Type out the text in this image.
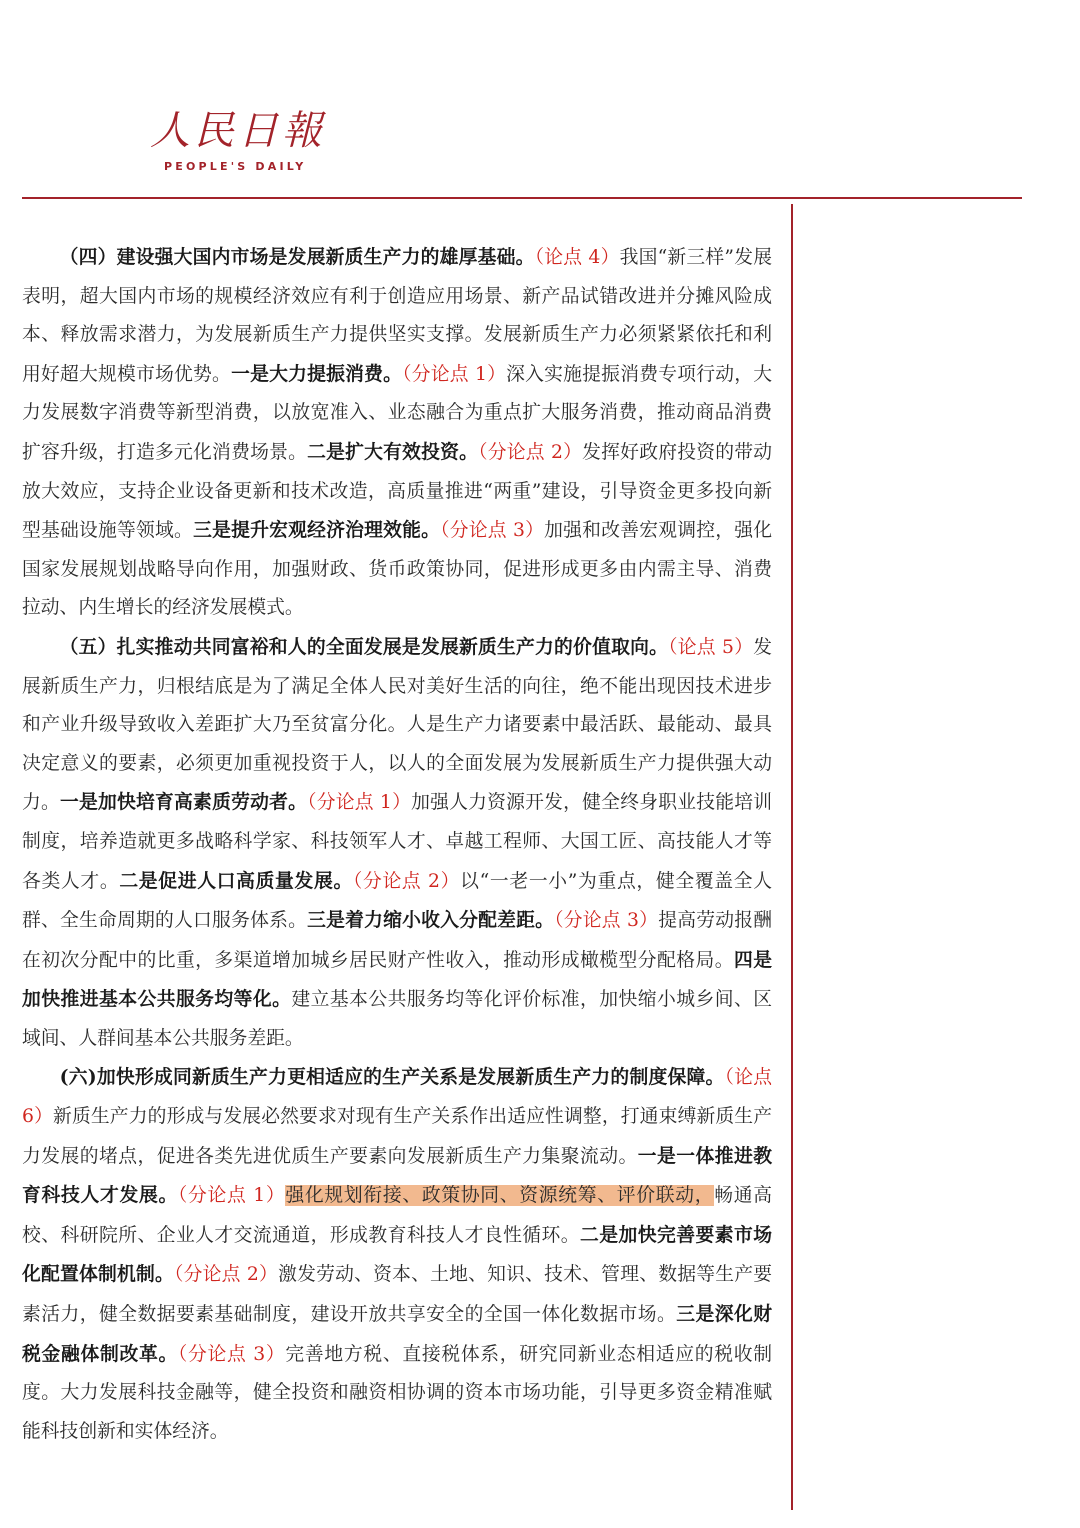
人民日報
PEOPLE'S DAILY

（四）建设强大国内市场是发展新质生产力的雄厚基础。（论点 4）我国“新三样”发展表明，超大国内市场的规模经济效应有利于创造应用场景、新产品试错改进并分摊风险成本、释放需求潜力，为发展新质生产力提供坚实支撑。发展新质生产力必须紧紧依托和利用好超大规模市场优势。一是大力提振消费。（分论点 1）深入实施提振消费专项行动，大力发展数字消费等新型消费，以放宽准入、业态融合为重点扩大服务消费，推动商品消费扩容升级，打造多元化消费场景。二是扩大有效投资。（分论点 2）发挥好政府投资的带动放大效应，支持企业设备更新和技术改造，高质量推进“两重”建设，引导资金更多投向新型基础设施等领域。三是提升宏观经济治理效能。（分论点 3）加强和改善宏观调控，强化国家发展规划战略导向作用，加强财政、货币政策协同，促进形成更多由内需主导、消费拉动、内生增长的经济发展模式。

（五）扎实推动共同富裕和人的全面发展是发展新质生产力的价值取向。（论点 5）发展新质生产力，归根结底是为了满足全体人民对美好生活的向往，绝不能出现因技术进步和产业升级导致收入差距扩大乃至贫富分化。人是生产力诸要素中最活跃、最能动、最具决定意义的要素，必须更加重视投资于人，以人的全面发展为发展新质生产力提供强大动力。一是加快培育高素质劳动者。（分论点 1）加强人力资源开发，健全终身职业技能培训制度，培养造就更多战略科学家、科技领军人才、卓越工程师、大国工匠、高技能人才等各类人才。二是促进人口高质量发展。（分论点 2）以“一老一小”为重点，健全覆盖全人群、全生命周期的人口服务体系。三是着力缩小收入分配差距。（分论点 3）提高劳动报酬在初次分配中的比重，多渠道增加城乡居民财产性收入，推动形成橄榄型分配格局。四是加快推进基本公共服务均等化。建立基本公共服务均等化评价标准，加快缩小城乡间、区域间、人群间基本公共服务差距。

(六)加快形成同新质生产力更相适应的生产关系是发展新质生产力的制度保障。（论点 6）新质生产力的形成与发展必然要求对现有生产关系作出适应性调整，打通束缚新质生产力发展的堵点，促进各类先进优质生产要素向发展新质生产力集聚流动。一是一体推进教育科技人才发展。（分论点 1）强化规划衔接、政策协同、资源统筹、评价联动，畅通高校、科研院所、企业人才交流通道，形成教育科技人才良性循环。二是加快完善要素市场化配置体制机制。（分论点 2）激发劳动、资本、土地、知识、技术、管理、数据等生产要素活力，健全数据要素基础制度，建设开放共享安全的全国一体化数据市场。三是深化财税金融体制改革。（分论点 3）完善地方税、直接税体系，研究同新业态相适应的税收制度。大力发展科技金融等，健全投资和融资相协调的资本市场功能，引导更多资金精准赋能科技创新和实体经济。
